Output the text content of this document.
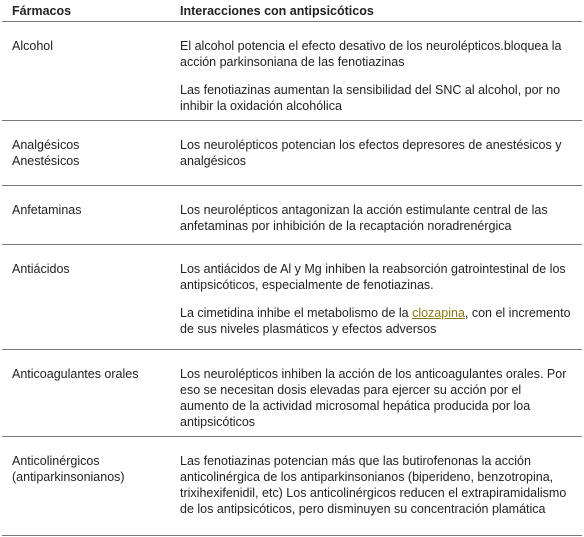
Fármacos	Interacciones con antipsicóticos

Alcohol	El alcohol potencia el efecto desativo de los neurolépticos.bloquea la acción parkinsoniana de las fenotiazinas

Las fenotiazinas aumentan la sensibilidad del SNC al alcohol, por no inhibir la oxidación alcohólica

Analgésicos
Anestésicos	Los neurolépticos potencian los efectos depresores de anestésicos y analgésicos

Anfetaminas	Los neurolépticos antagonizan la acción estimulante central de las anfetaminas por inhibición de la recaptación noradrenérgica

Antiácidos	Los antiácidos de Al y Mg inhiben la reabsorción gatrointestinal de los antipsicóticos, especialmente de fenotiazinas.

La cimetidina inhibe el metabolismo de la clozapina, con el incremento de sus niveles plasmáticos y efectos adversos

Anticoagulantes orales	Los neurolépticos inhiben la acción de los anticoagulantes orales. Por eso se necesitan dosis elevadas para ejercer su acción por el aumento de la actividad microsomal hepática producida por loa antipsicóticos

Anticolinérgicos
(antiparkinsonianos)	Las fenotiazinas potencian más que las butirofenonas la acción anticolinérgica de los antiparkinsonianos (biperideno, benzotropina, trixihexifenidil, etc) Los anticolinérgicos reducen el extrapiramidalismo de los antipsicóticos, pero disminuyen su concentración plamática
